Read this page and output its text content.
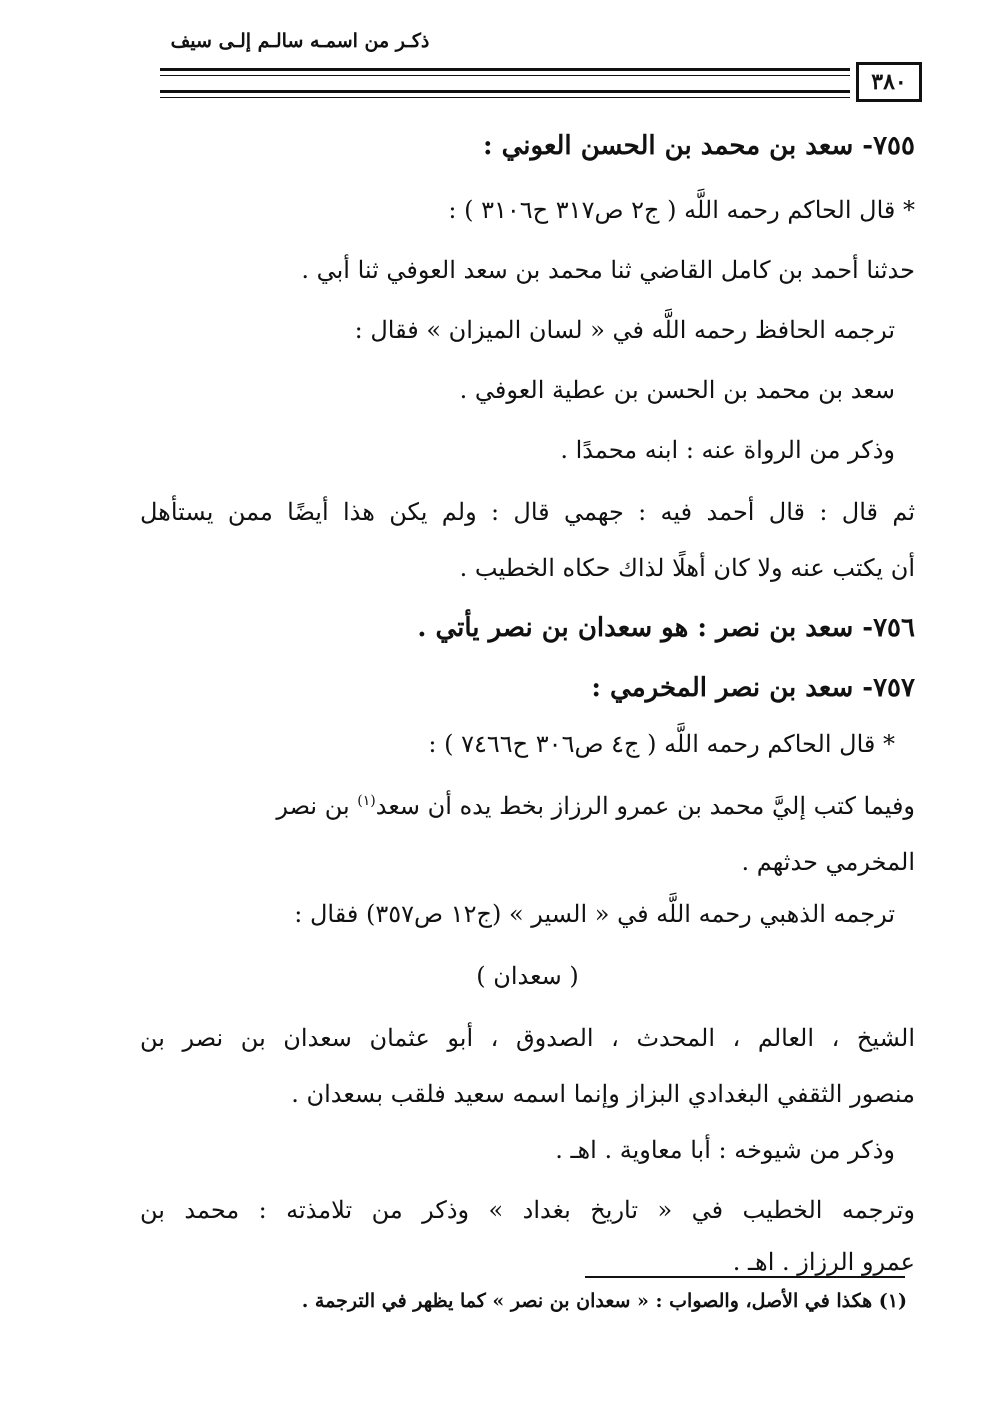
ذكـر من اسمـه سالـم إلـى سيف
٣٨٠
٧٥٥- سعد بن محمد بن الحسن العوني :
* قال الحاكم رحمه اللَّه ( ج٢ ص٣١٧ ح٣١٠٦ ) :
حدثنا أحمد بن كامل القاضي ثنا محمد بن سعد العوفي ثنا أبي .
ترجمه الحافظ رحمه اللَّه في « لسان الميزان » فقال :
سعد بن محمد بن الحسن بن عطية العوفي .
وذكر من الرواة عنه : ابنه محمدًا .
ثم قال : قال أحمد فيه : جهمي قال : ولم يكن هذا أيضًا ممن يستأهل
أن يكتب عنه ولا كان أهلًا لذاك حكاه الخطيب .
٧٥٦- سعد بن نصر : هو سعدان بن نصر يأتي .
٧٥٧- سعد بن نصر المخرمي :
* قال الحاكم رحمه اللَّه ( ج٤ ص٣٠٦ ح٧٤٦٦ ) :
وفيما كتب إليَّ محمد بن عمرو الرزاز بخط يده أن سعد$^{(١)}$ بن نصر
المخرمي حدثهم .
ترجمه الذهبي رحمه اللَّه في « السير » (ج١٢ ص٣٥٧) فقال :
( سعدان )
الشيخ ، العالم ، المحدث ، الصدوق ، أبو عثمان سعدان بن نصر بن
منصور الثقفي البغدادي البزاز وإنما اسمه سعيد فلقب بسعدان .
وذكر من شيوخه : أبا معاوية . اهـ .
وترجمه الخطيب في « تاريخ بغداد » وذكر من تلامذته : محمد بن
عمرو الرزاز . اهـ .
(١) هكذا في الأصل، والصواب : « سعدان بن نصر » كما يظهر في الترجمة .
